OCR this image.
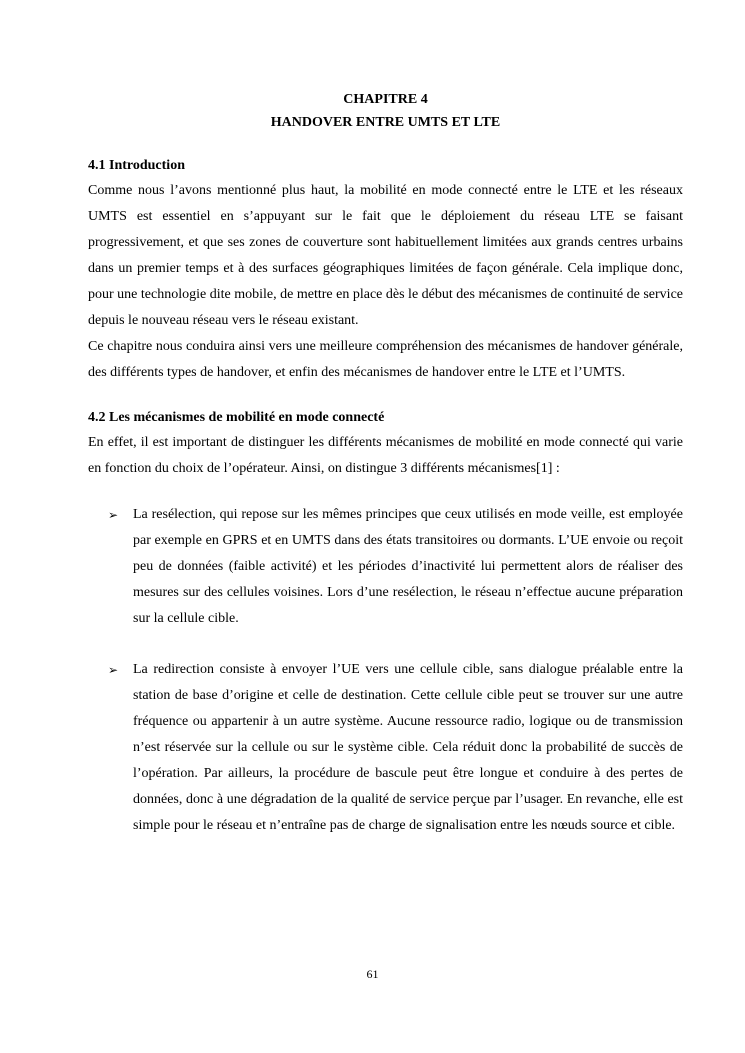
CHAPITRE 4

HANDOVER ENTRE UMTS ET LTE

4.1 Introduction

Comme nous l’avons mentionné plus haut, la mobilité en mode connecté entre le LTE et les réseaux UMTS est essentiel en s’appuyant sur le fait que le déploiement du réseau LTE se faisant progressivement, et que ses zones de couverture sont habituellement limitées aux grands centres urbains dans un premier temps et à des surfaces géographiques limitées de façon générale. Cela implique donc, pour une technologie dite mobile, de mettre en place dès le début des mécanismes de continuité de service depuis le nouveau réseau vers le réseau existant.

Ce chapitre nous conduira ainsi vers une meilleure compréhension des mécanismes de handover générale, des différents types de handover, et enfin des mécanismes de handover entre le LTE et l’UMTS.

4.2 Les mécanismes de mobilité en mode connecté

En effet, il est important de distinguer les différents mécanismes de mobilité en mode connecté qui varie en fonction du choix de l’opérateur. Ainsi, on distingue 3 différents mécanismes[1] :

➢ La resélection, qui repose sur les mêmes principes que ceux utilisés en mode veille, est employée par exemple en GPRS et en UMTS dans des états transitoires ou dormants. L’UE envoie ou reçoit peu de données (faible activité) et les périodes d’inactivité lui permettent alors de réaliser des mesures sur des cellules voisines. Lors d’une resélection, le réseau n’effectue aucune préparation sur la cellule cible.

➢ La redirection consiste à envoyer l’UE vers une cellule cible, sans dialogue préalable entre la station de base d’origine et celle de destination. Cette cellule cible peut se trouver sur une autre fréquence ou appartenir à un autre système. Aucune ressource radio, logique ou de transmission n’est réservée sur la cellule ou sur le système cible. Cela réduit donc la probabilité de succès de l’opération. Par ailleurs, la procédure de bascule peut être longue et conduire à des pertes de données, donc à une dégradation de la qualité de service perçue par l’usager. En revanche, elle est simple pour le réseau et n’entraîne pas de charge de signalisation entre les nœuds source et cible.

61
